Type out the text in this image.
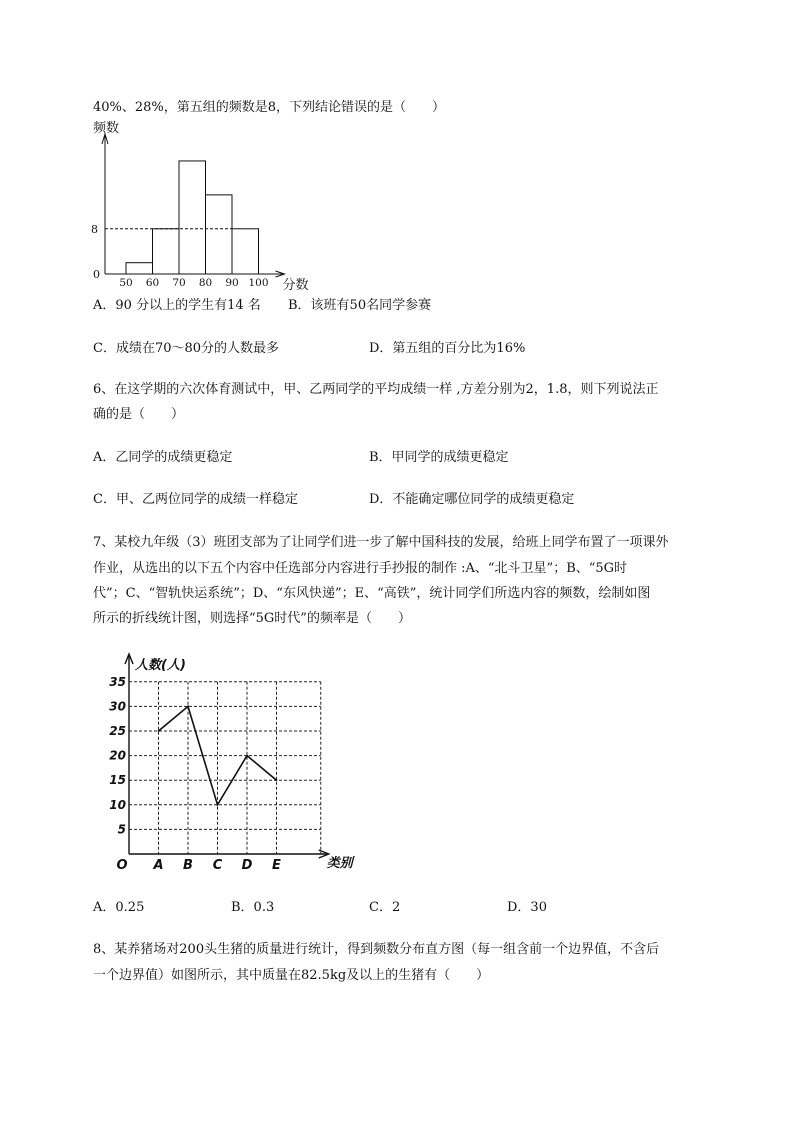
40%、28%，第五组的频数是8，下列结论错误的是（　　）
频数
分数
0
8
50 60 70 80 90 100
A．90 分以上的学生有14 名 B．该班有50名同学参赛
C．成绩在70～80分的人数最多	D．第五组的百分比为16%
6、在这学期的六次体育测试中，甲、乙两同学的平均成绩一样 ,方差分别为2，1.8，则下列说法正
确的是（　　）
A．乙同学的成绩更稳定	B．甲同学的成绩更稳定
C．甲、乙两位同学的成绩一样稳定	D．不能确定哪位同学的成绩更稳定
7、某校九年级（3）班团支部为了让同学们进一步了解中国科技的发展，给班上同学布置了一项课外
作业，从选出的以下五个内容中任选部分内容进行手抄报的制作 :A、“北斗卫星”；B、“5G时
代”；C、“智轨快运系统”；D、“东风快递”；E、“高铁”，统计同学们所选内容的频数，绘制如图
所示的折线统计图，则选择“5G时代”的频率是（　　）
人数(人)
类别
O
5
10
15
20
25
30
35
A B C D E
A．0.25	B．0.3	C．2	D．30
8、某养猪场对200头生猪的质量进行统计，得到频数分布直方图（每一组含前一个边界值，不含后
一个边界值）如图所示，其中质量在82.5kg及以上的生猪有（　　）
